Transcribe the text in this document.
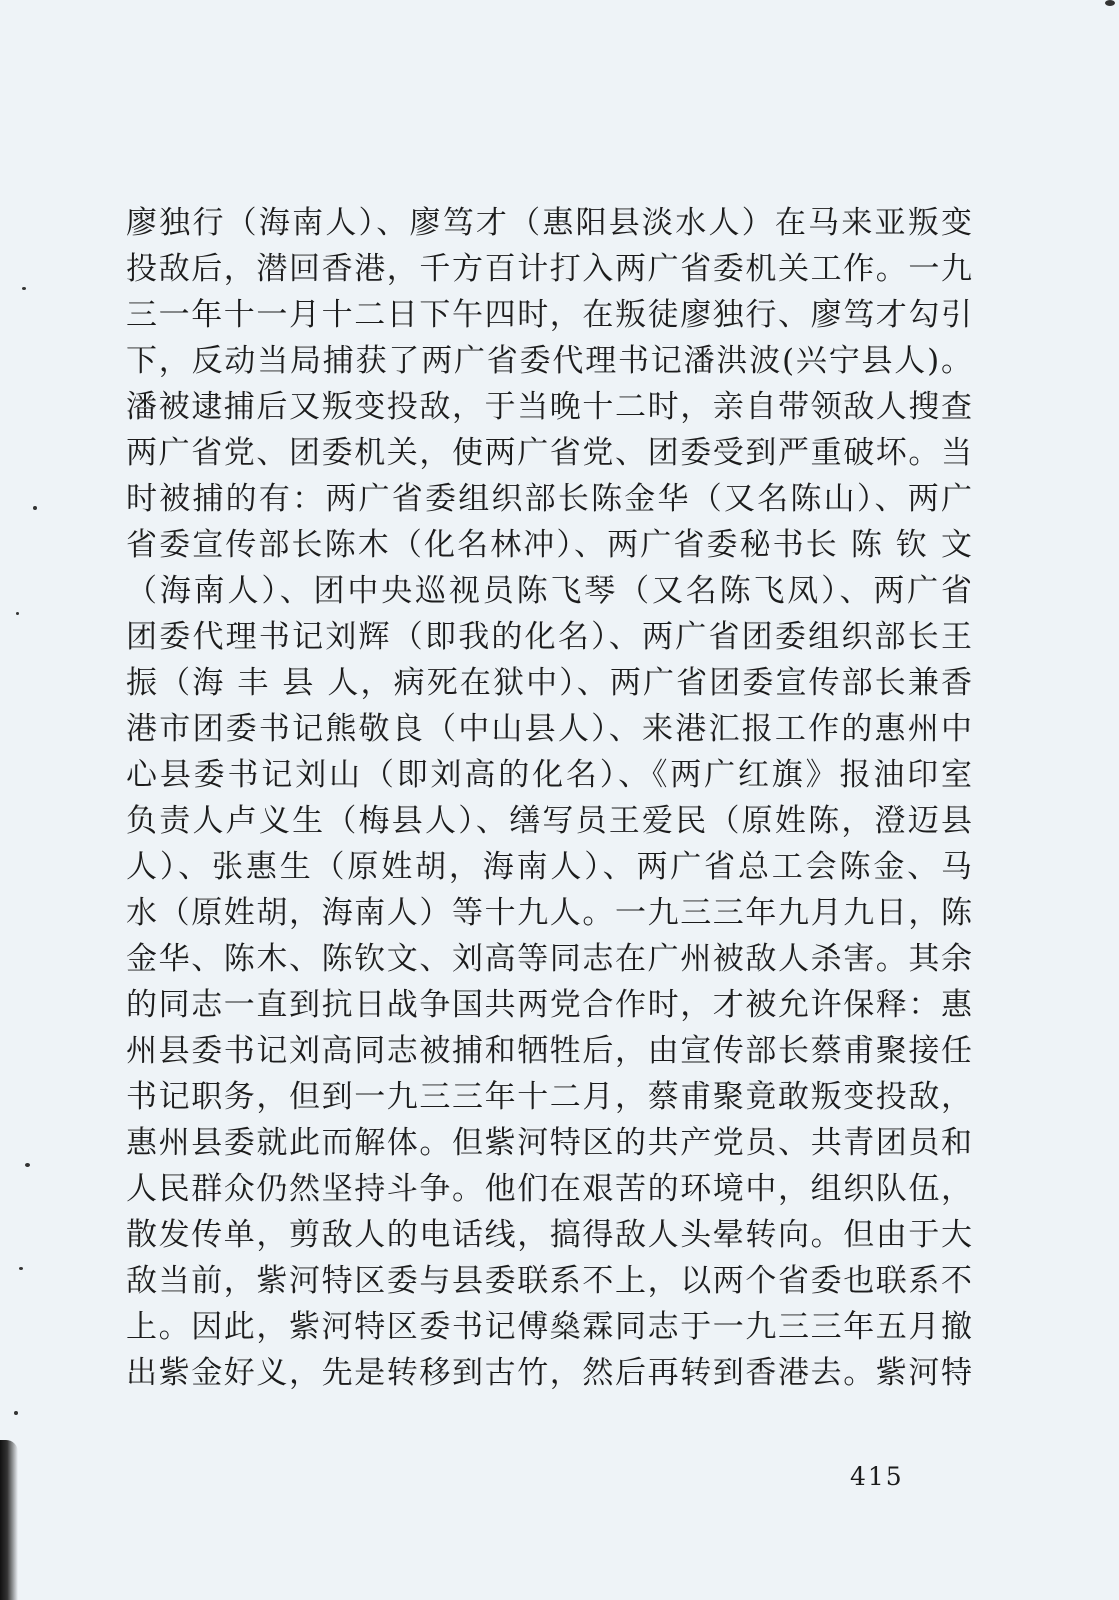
廖独行（海南人）、廖笃才（惠阳县淡水人）在马来亚叛变
投敌后，潜回香港，千方百计打入两广省委机关工作。一九
三一年十一月十二日下午四时，在叛徒廖独行、廖笃才勾引
下，反动当局捕获了两广省委代理书记潘洪波(兴宁县人)。
潘被逮捕后又叛变投敌，于当晚十二时，亲自带领敌人搜查
两广省党、团委机关，使两广省党、团委受到严重破坏。当
时被捕的有：两广省委组织部长陈金华（又名陈山）、两广
省委宣传部长陈木（化名林冲）、两广省委秘书长 陈 钦 文
（海南人）、团中央巡视员陈飞琴（又名陈飞凤）、两广省
团委代理书记刘辉（即我的化名）、两广省团委组织部长王
振（海 丰 县 人，病死在狱中）、两广省团委宣传部长兼香
港市团委书记熊敬良（中山县人）、来港汇报工作的惠州中
心县委书记刘山（即刘高的化名）、《两广红旗》报油印室
负责人卢义生（梅县人）、缮写员王爱民（原姓陈，澄迈县
人）、张惠生（原姓胡，海南人）、两广省总工会陈金、马
水（原姓胡，海南人）等十九人。一九三三年九月九日，陈
金华、陈木、陈钦文、刘高等同志在广州被敌人杀害。其余
的同志一直到抗日战争国共两党合作时，才被允许保释：惠
州县委书记刘高同志被捕和牺牲后，由宣传部长蔡甫聚接任
书记职务，但到一九三三年十二月，蔡甫聚竟敢叛变投敌，
惠州县委就此而解体。但紫河特区的共产党员、共青团员和
人民群众仍然坚持斗争。他们在艰苦的环境中，组织队伍，
散发传单，剪敌人的电话线，搞得敌人头晕转向。但由于大
敌当前，紫河特区委与县委联系不上，以两个省委也联系不
上。因此，紫河特区委书记傅燊霖同志于一九三三年五月撤
出紫金好义，先是转移到古竹，然后再转到香港去。紫河特
415
